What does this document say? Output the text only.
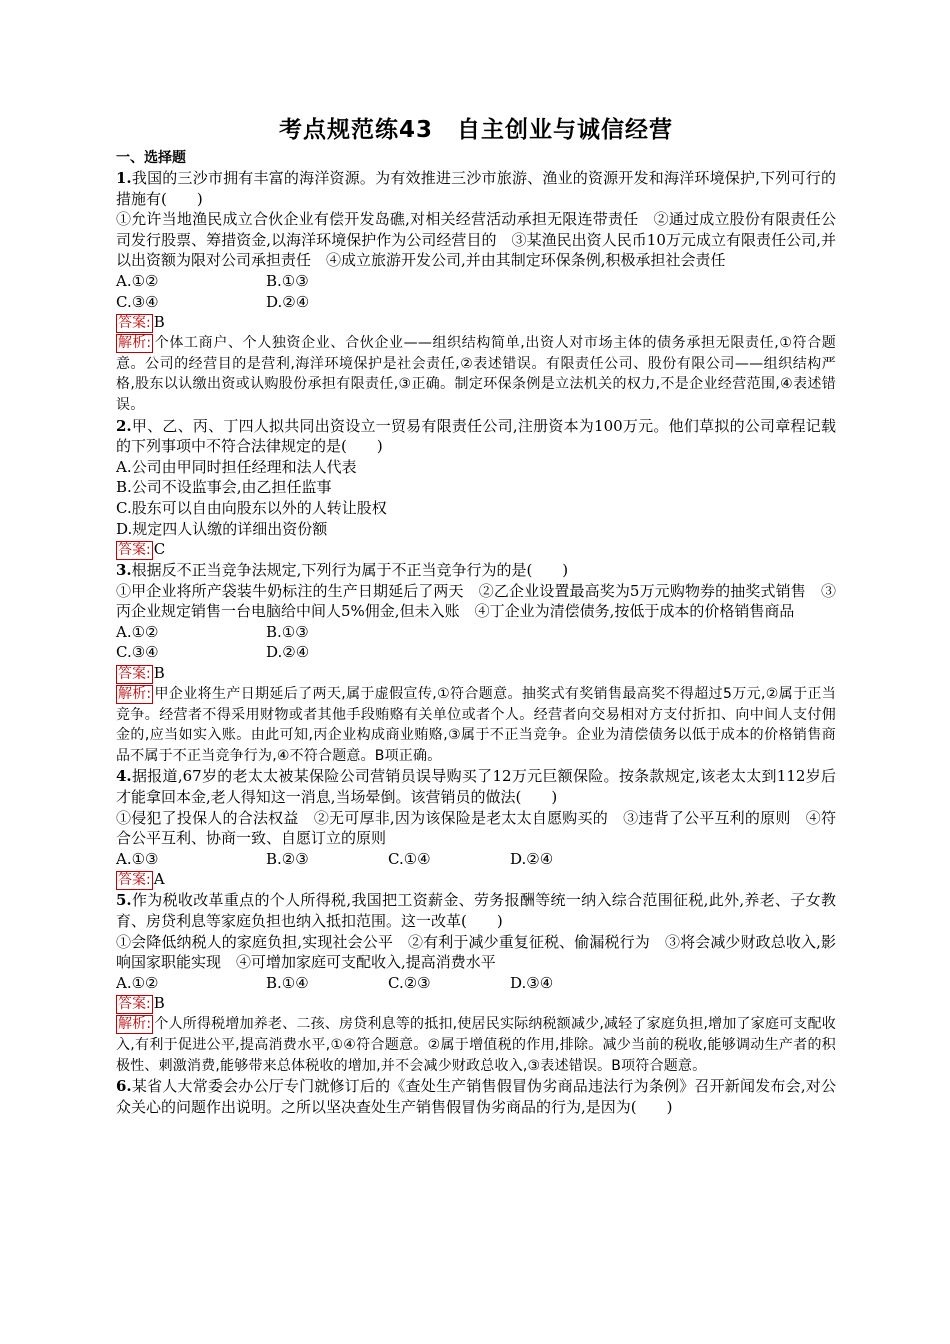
考点规范练43　自主创业与诚信经营
一、选择题

1.我国的三沙市拥有丰富的海洋资源。为有效推进三沙市旅游、渔业的资源开发和海洋环境保护,下列可行的措施有(　　)

①允许当地渔民成立合伙企业有偿开发岛礁,对相关经营活动承担无限连带责任　②通过成立股份有限责任公司发行股票、筹措资金,以海洋环境保护作为公司经营目的　③某渔民出资人民币10万元成立有限责任公司,并以出资额为限对公司承担责任　④成立旅游开发公司,并由其制定环保条例,积极承担社会责任

A.①②	B.①③
C.③④	D.②④

答案: B

解析: 个体工商户、个人独资企业、合伙企业——组织结构简单,出资人对市场主体的债务承担无限责任,①符合题意。公司的经营目的是营利,海洋环境保护是社会责任,②表述错误。有限责任公司、股份有限公司——组织结构严格,股东以认缴出资或认购股份承担有限责任,③正确。制定环保条例是立法机关的权力,不是企业经营范围,④表述错误。

2.甲、乙、丙、丁四人拟共同出资设立一贸易有限责任公司,注册资本为100万元。他们草拟的公司章程记载的下列事项中不符合法律规定的是(　　)

A.公司由甲同时担任经理和法人代表

B.公司不设监事会,由乙担任监事

C.股东可以自由向股东以外的人转让股权

D.规定四人认缴的详细出资份额

答案: C

3.根据反不正当竞争法规定,下列行为属于不正当竞争行为的是(　　)

①甲企业将所产袋装牛奶标注的生产日期延后了两天　②乙企业设置最高奖为5万元购物券的抽奖式销售　③丙企业规定销售一台电脑给中间人5%佣金,但未入账　④丁企业为清偿债务,按低于成本的价格销售商品

A.①②	B.①③
C.③④	D.②④

答案: B

解析: 甲企业将生产日期延后了两天,属于虚假宣传,①符合题意。抽奖式有奖销售最高奖不得超过5万元,②属于正当竞争。经营者不得采用财物或者其他手段贿赂有关单位或者个人。经营者向交易相对方支付折扣、向中间人支付佣金的,应当如实入账。由此可知,丙企业构成商业贿赂,③属于不正当竞争。企业为清偿债务以低于成本的价格销售商品不属于不正当竞争行为,④不符合题意。B项正确。

4.据报道,67岁的老太太被某保险公司营销员误导购买了12万元巨额保险。按条款规定,该老太太到112岁后才能拿回本金,老人得知这一消息,当场晕倒。该营销员的做法(　　)

①侵犯了投保人的合法权益　②无可厚非,因为该保险是老太太自愿购买的　③违背了公平互利的原则　④符合公平互利、协商一致、自愿订立的原则

A.①③	B.②③	C.①④	D.②④

答案: A

5.作为税收改革重点的个人所得税,我国把工资薪金、劳务报酬等统一纳入综合范围征税,此外,养老、子女教育、房贷利息等家庭负担也纳入抵扣范围。这一改革(　　)

①会降低纳税人的家庭负担,实现社会公平　②有利于减少重复征税、偷漏税行为　③将会减少财政总收入,影响国家职能实现　④可增加家庭可支配收入,提高消费水平

A.①②	B.①④	C.②③	D.③④

答案: B

解析: 个人所得税增加养老、二孩、房贷利息等的抵扣,使居民实际纳税额减少,减轻了家庭负担,增加了家庭可支配收入,有利于促进公平,提高消费水平,①④符合题意。②属于增值税的作用,排除。减少当前的税收,能够调动生产者的积极性、刺激消费,能够带来总体税收的增加,并不会减少财政总收入,③表述错误。B项符合题意。

6.某省人大常委会办公厅专门就修订后的《查处生产销售假冒伪劣商品违法行为条例》召开新闻发布会,对公众关心的问题作出说明。之所以坚决查处生产销售假冒伪劣商品的行为,是因为(　　)
